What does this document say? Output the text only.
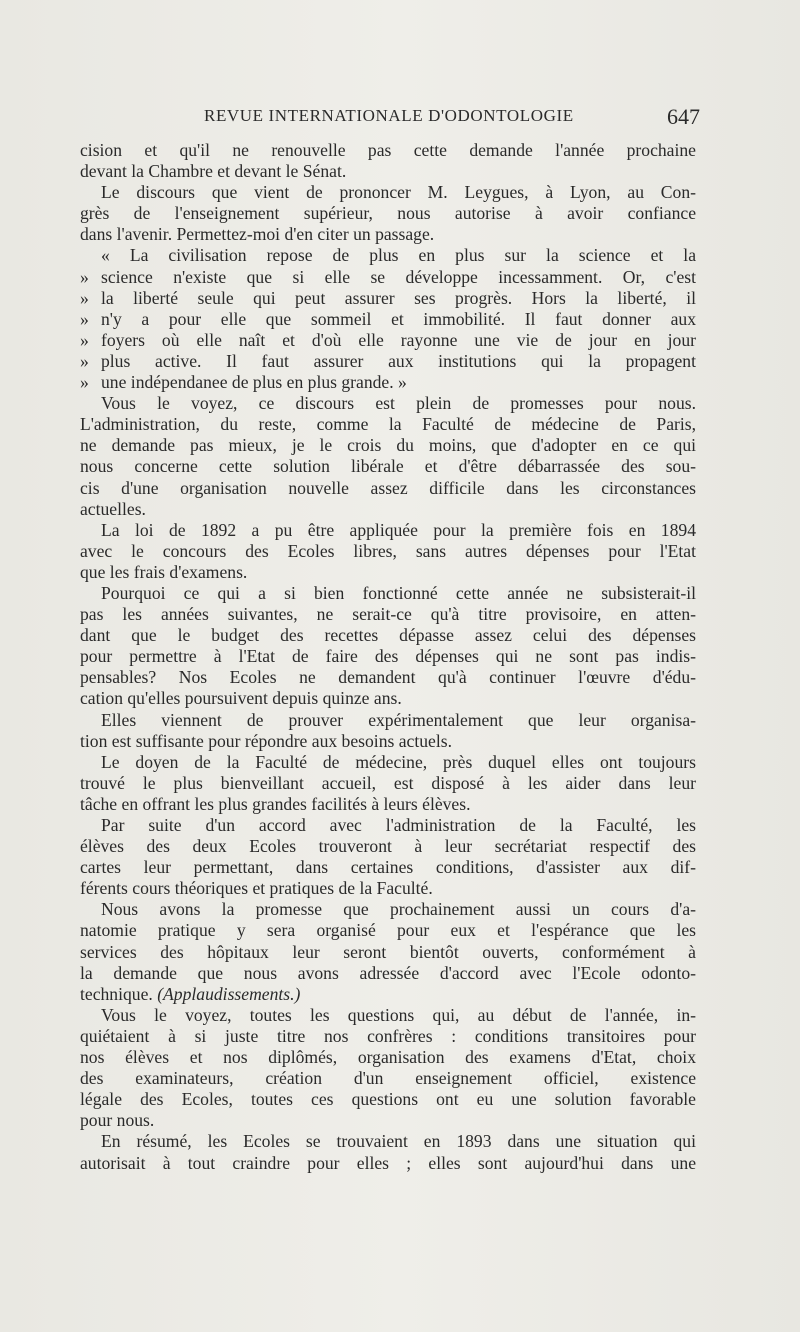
REVUE INTERNATIONALE D'ODONTOLOGIE	647
cision et qu'il ne renouvelle pas cette demande l'année prochaine
devant la Chambre et devant le Sénat.
Le discours que vient de prononcer M. Leygues, à Lyon, au Con-
grès de l'enseignement supérieur, nous autorise à avoir confiance
dans l'avenir. Permettez-moi d'en citer un passage.
« La civilisation repose de plus en plus sur la science et la
» science n'existe que si elle se développe incessamment. Or, c'est
» la liberté seule qui peut assurer ses progrès. Hors la liberté, il
» n'y a pour elle que sommeil et immobilité. Il faut donner aux
» foyers où elle naît et d'où elle rayonne une vie de jour en jour
» plus active. Il faut assurer aux institutions qui la propagent
» une indépendanee de plus en plus grande. »
Vous le voyez, ce discours est plein de promesses pour nous.
L'administration, du reste, comme la Faculté de médecine de Paris,
ne demande pas mieux, je le crois du moins, que d'adopter en ce qui
nous concerne cette solution libérale et d'être débarrassée des sou-
cis d'une organisation nouvelle assez difficile dans les circonstances
actuelles.
La loi de 1892 a pu être appliquée pour la première fois en 1894
avec le concours des Ecoles libres, sans autres dépenses pour l'Etat
que les frais d'examens.
Pourquoi ce qui a si bien fonctionné cette année ne subsisterait-il
pas les années suivantes, ne serait-ce qu'à titre provisoire, en atten-
dant que le budget des recettes dépasse assez celui des dépenses
pour permettre à l'Etat de faire des dépenses qui ne sont pas indis-
pensables? Nos Ecoles ne demandent qu'à continuer l'œuvre d'édu-
cation qu'elles poursuivent depuis quinze ans.
Elles viennent de prouver expérimentalement que leur organisa-
tion est suffisante pour répondre aux besoins actuels.
Le doyen de la Faculté de médecine, près duquel elles ont toujours
trouvé le plus bienveillant accueil, est disposé à les aider dans leur
tâche en offrant les plus grandes facilités à leurs élèves.
Par suite d'un accord avec l'administration de la Faculté, les
élèves des deux Ecoles trouveront à leur secrétariat respectif des
cartes leur permettant, dans certaines conditions, d'assister aux dif-
férents cours théoriques et pratiques de la Faculté.
Nous avons la promesse que prochainement aussi un cours d'a-
natomie pratique y sera organisé pour eux et l'espérance que les
services des hôpitaux leur seront bientôt ouverts, conformément à
la demande que nous avons adressée d'accord avec l'Ecole odonto-
technique. (Applaudissements.)
Vous le voyez, toutes les questions qui, au début de l'année, in-
quiétaient à si juste titre nos confrères : conditions transitoires pour
nos élèves et nos diplômés, organisation des examens d'Etat, choix
des examinateurs, création d'un enseignement officiel, existence
légale des Ecoles, toutes ces questions ont eu une solution favorable
pour nous.
En résumé, les Ecoles se trouvaient en 1893 dans une situation qui
autorisait à tout craindre pour elles ; elles sont aujourd'hui dans une
